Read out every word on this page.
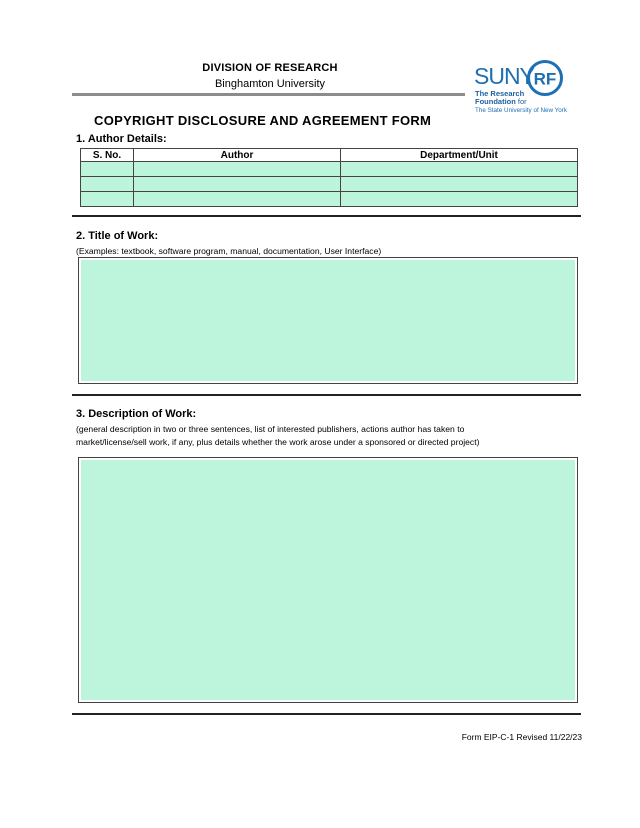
DIVISION OF RESEARCH
Binghamton University	SUNY RF
The Research
Foundation for
The State University of New York
COPYRIGHT DISCLOSURE AND AGREEMENT FORM
1. Author Details:
S. No.	Author	Department/Unit

2. Title of Work:
(Examples: textbook, software program, manual, documentation, User Interface)
3. Description of Work:
(general description in two or three sentences, list of interested publishers, actions author has taken to
market/license/sell work, if any, plus details whether the work arose under a sponsored or directed project)
Form EIP-C-1 Revised 11/22/23
